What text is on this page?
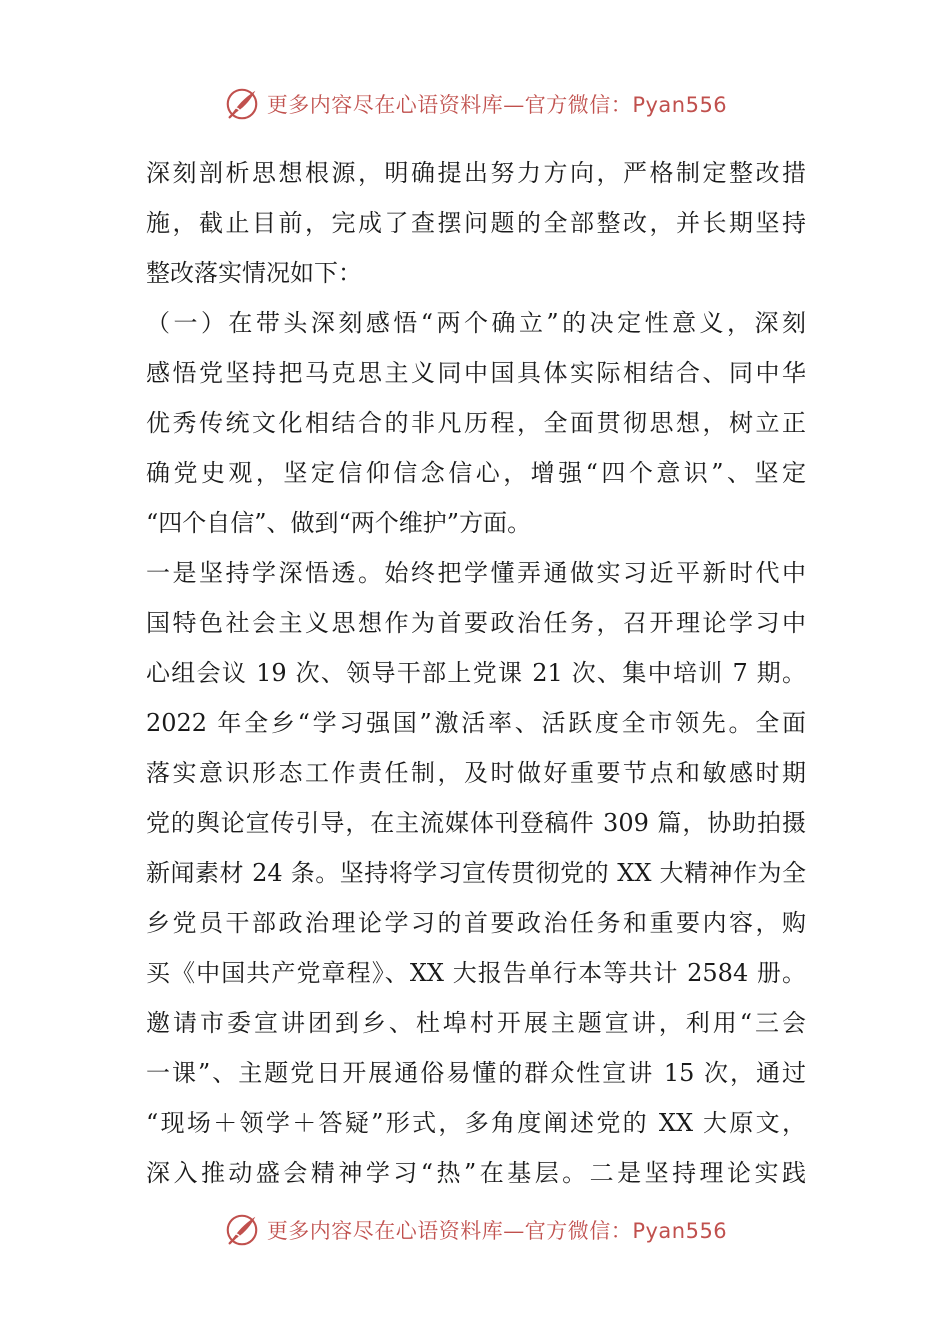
更多内容尽在心语资料库—官方微信：Pyan556
深刻剖析思想根源，明确提出努力方向，严格制定整改措
施，截止目前，完成了查摆问题的全部整改，并长期坚持
整改落实情况如下：
（一）在带头深刻感悟“两个确立”的决定性意义，深刻
感悟党坚持把马克思主义同中国具体实际相结合、同中华
优秀传统文化相结合的非凡历程，全面贯彻思想，树立正
确党史观，坚定信仰信念信心，增强“四个意识”、坚定
“四个自信”、做到“两个维护”方面。
一是坚持学深悟透。始终把学懂弄通做实习近平新时代中
国特色社会主义思想作为首要政治任务，召开理论学习中
心组会议 19 次、领导干部上党课 21 次、集中培训 7 期。
2022 年全乡“学习强国”激活率、活跃度全市领先。全面
落实意识形态工作责任制，及时做好重要节点和敏感时期
党的舆论宣传引导，在主流媒体刊登稿件 309 篇，协助拍摄
新闻素材 24 条。坚持将学习宣传贯彻党的 XX 大精神作为全
乡党员干部政治理论学习的首要政治任务和重要内容，购
买《中国共产党章程》、XX 大报告单行本等共计 2584 册。
邀请市委宣讲团到乡、杜埠村开展主题宣讲，利用“三会
一课”、主题党日开展通俗易懂的群众性宣讲 15 次，通过
“现场＋领学＋答疑”形式，多角度阐述党的 XX 大原文，
深入推动盛会精神学习“热”在基层。二是坚持理论实践
更多内容尽在心语资料库—官方微信：Pyan556
